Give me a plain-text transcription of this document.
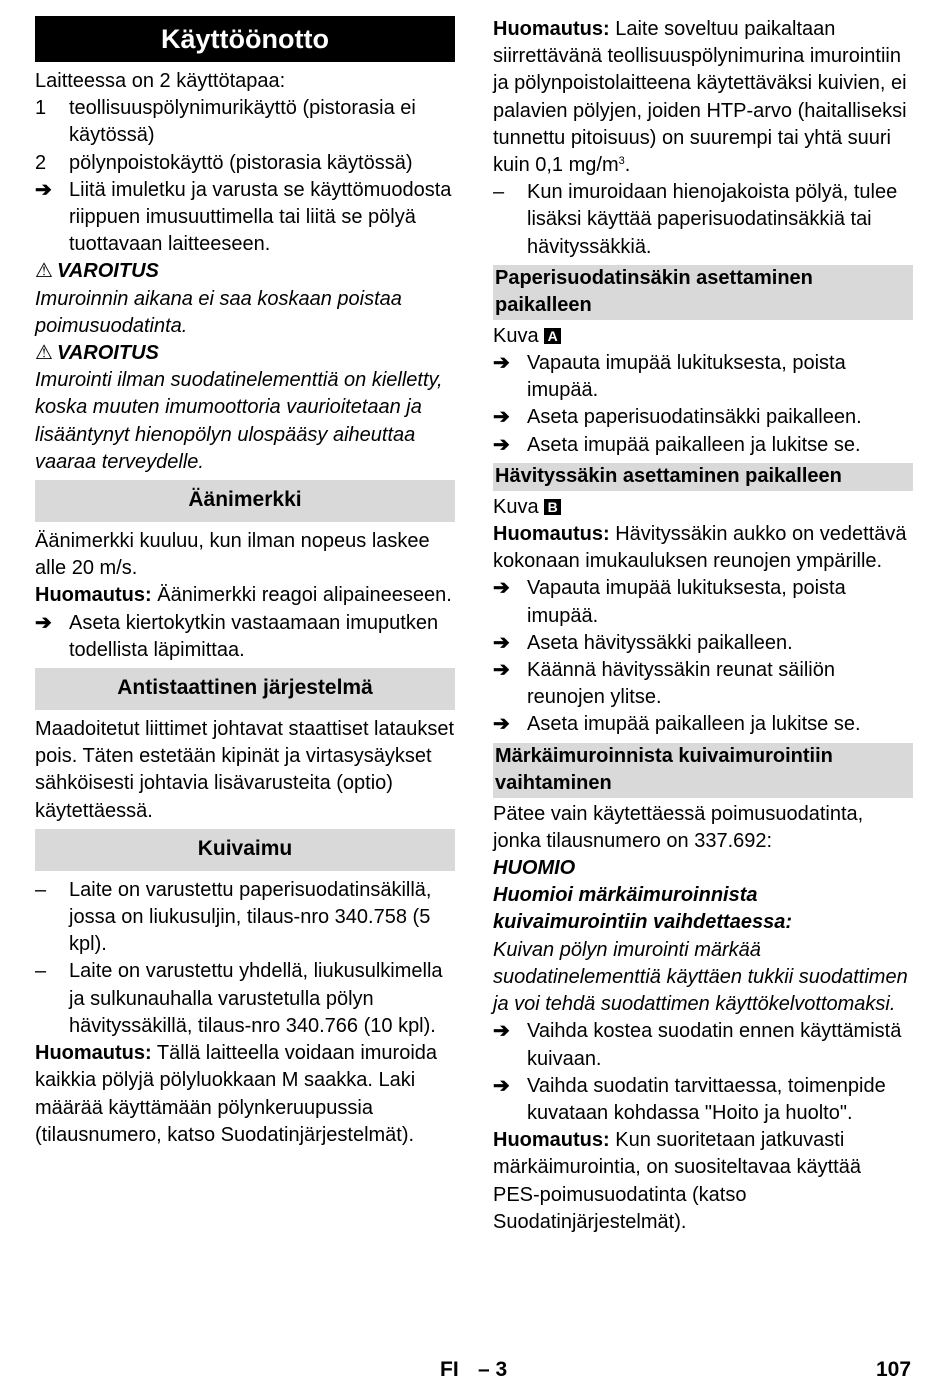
Käyttöönotto

Laitteessa on 2 käyttötapaa:

1 teollisuuspölynimurikäyttö (pistorasia ei käytössä)
2 pölynpoistokäyttö (pistorasia käytössä)
➔ Liitä imuletku ja varusta se käyttömuodosta riippuen imusuuttimella tai liitä se pölyä tuottavaan laitteeseen.

⚠ VAROITUS

Imuroinnin aikana ei saa koskaan poistaa poimusuodatinta.

⚠ VAROITUS

Imurointi ilman suodatinelementtiä on kielletty, koska muuten imumoottoria vaurioitetaan ja lisääntynyt hienopölyn ulospääsy aiheuttaa vaaraa terveydelle.

Äänimerkki

Äänimerkki kuuluu, kun ilman nopeus laskee alle 20 m/s.

Huomautus: Äänimerkki reagoi alipaineeseen.

➔ Aseta kiertokytkin vastaamaan imuputken todellista läpimittaa.
Antistaattinen järjestelmä

Maadoitetut liittimet johtavat staattiset lataukset pois. Täten estetään kipinät ja virtasysäykset sähköisesti johtavia lisävarusteita (optio) käytettäessä.

Kuivaimu
– Laite on varustettu paperisuodatinsäkillä, jossa on liukusuljin, tilaus-nro 340.758 (5 kpl).
– Laite on varustettu yhdellä, liukusulkimella ja sulkunauhalla varustetulla pölyn hävityssäkillä, tilaus-nro 340.766 (10 kpl).

Huomautus: Tällä laitteella voidaan imuroida kaikkia pölyjä pölyluokkaan M saakka. Laki määrää käyttämään pölynkeruupussia (tilausnumero, katso Suodatinjärjestelmät).

Huomautus: Laite soveltuu paikaltaan siirrettävänä teollisuuspölynimurina imurointiin ja pölynpoistolaitteena käytettäväksi kuivien, ei palavien pölyjen, joiden HTP-arvo (haitalliseksi tunnettu pitoisuus) on suurempi tai yhtä suuri kuin 0,1 $mg/m^3$.

– Kun imuroidaan hienojakoista pölyä, tulee lisäksi käyttää paperisuodatinsäkkiä tai hävityssäkkiä.
Paperisuodatinsäkin asettaminen paikalleen

Kuva A

➔ Vapauta imupää lukituksesta, poista imupää.
➔ Aseta paperisuodatinsäkki paikalleen.
➔ Aseta imupää paikalleen ja lukitse se.
Hävityssäkin asettaminen paikalleen

Kuva B

Huomautus: Hävityssäkin aukko on vedettävä kokonaan imukauluksen reunojen ympärille.

➔ Vapauta imupää lukituksesta, poista imupää.
➔ Aseta hävityssäkki paikalleen.
➔ Käännä hävityssäkin reunat säiliön reunojen ylitse.
➔ Aseta imupää paikalleen ja lukitse se.
Märkäimuroinnista kuivaimurointiin vaihtaminen

Pätee vain käytettäessä poimusuodatinta, jonka tilausnumero on 337.692:

HUOMIO

Huomioi märkäimuroinnista kuivaimurointiin vaihdettaessa:

Kuivan pölyn imurointi märkää suodatinelementtiä käyttäen tukkii suodattimen ja voi tehdä suodattimen käyttökelvottomaksi.

➔ Vaihda kostea suodatin ennen käyttämistä kuivaan.
➔ Vaihda suodatin tarvittaessa, toimenpide kuvataan kohdassa "Hoito ja huolto".

Huomautus: Kun suoritetaan jatkuvasti märkäimurointia, on suositeltavaa käyttää PES-poimusuodatinta (katso Suodatinjärjestelmät).

FI – 3	107
